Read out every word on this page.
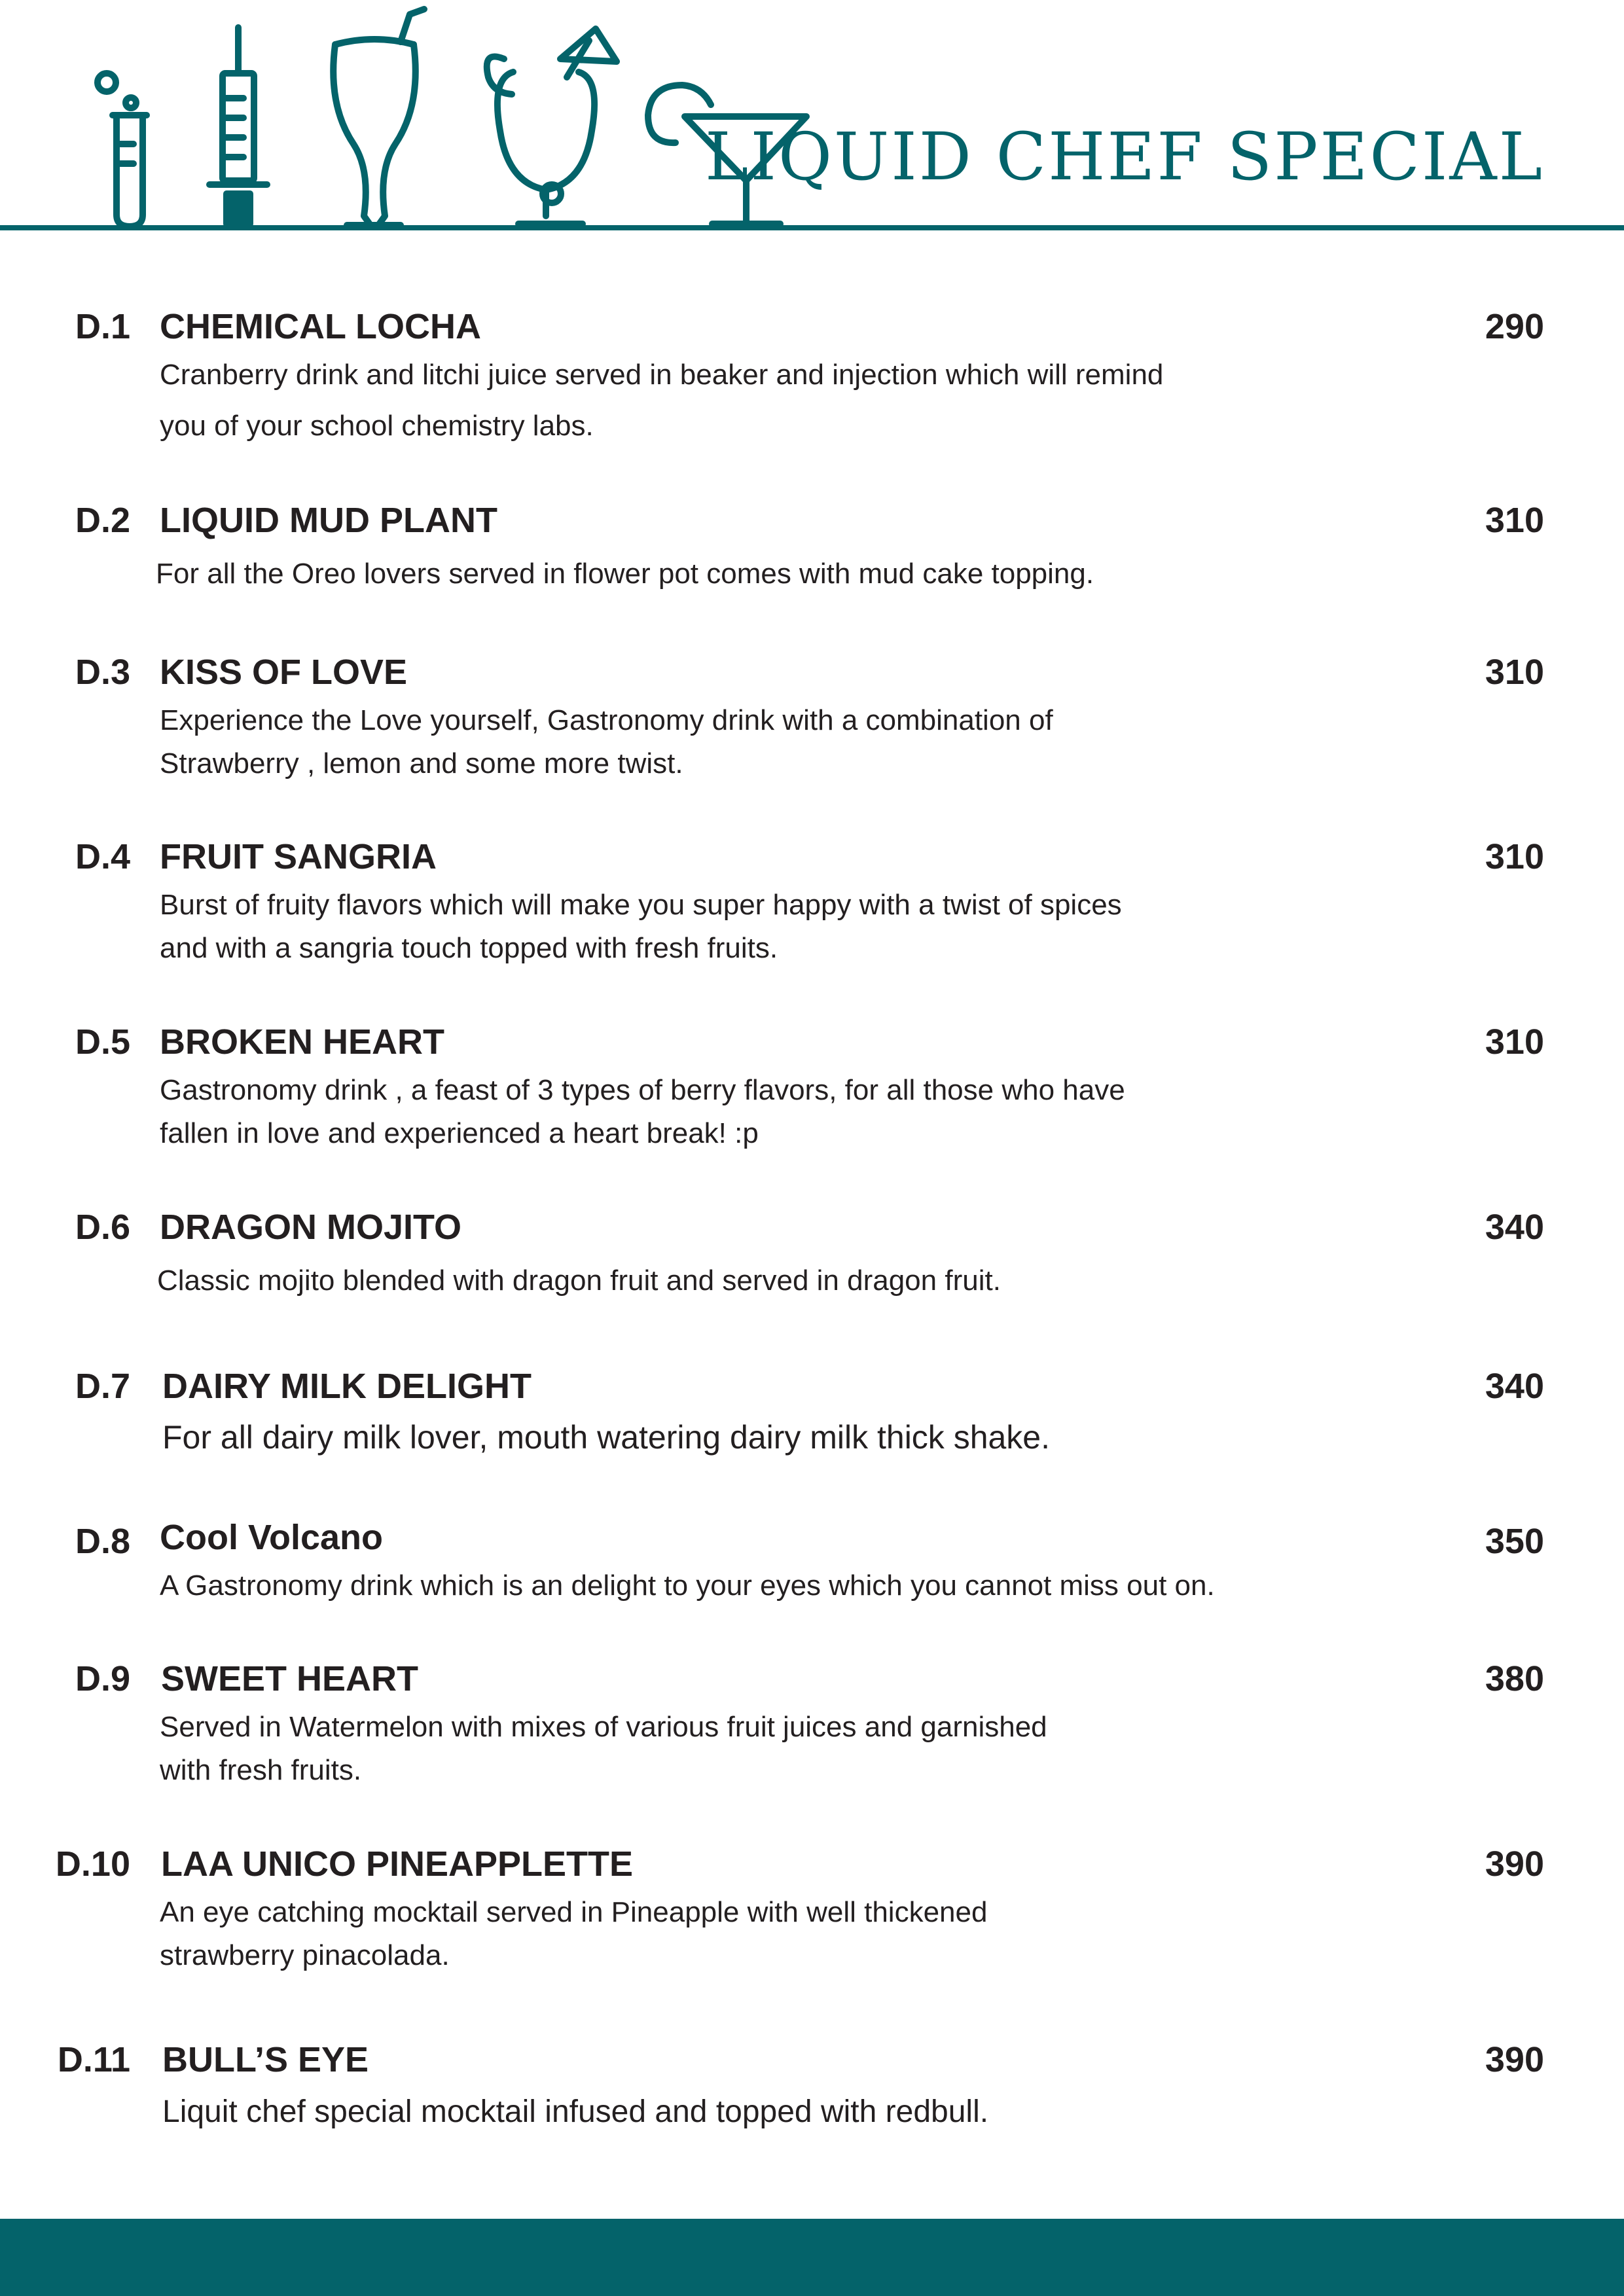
LIQUID CHEF SPECIAL
D.1 CHEMICAL LOCHA	290
Cranberry drink and litchi juice served in beaker and injection which will remind
you of your school chemistry labs.
D.2 LIQUID MUD PLANT	310
For all the Oreo lovers served in flower pot comes with mud cake topping.
D.3 KISS OF LOVE	310
Experience the Love yourself, Gastronomy drink with a combination of
Strawberry , lemon and some more twist.
D.4 FRUIT SANGRIA	310
Burst of fruity flavors which will make you super happy with a twist of spices
and with a sangria touch topped with fresh fruits.
D.5 BROKEN HEART	310
Gastronomy drink , a feast of 3 types of berry flavors, for all those who have
fallen in love and experienced a heart break! :p
D.6 DRAGON MOJITO	340
Classic mojito blended with dragon fruit and served in dragon fruit.
D.7 DAIRY MILK DELIGHT	340
For all dairy milk lover, mouth watering dairy milk thick shake.
D.8 Cool Volcano	350
A Gastronomy drink which is an delight to your eyes which you cannot miss out on.
D.9 SWEET HEART	380
Served in Watermelon with mixes of various fruit juices and garnished
with fresh fruits.
D.10 LAA UNICO PINEAPPLETTE	390
An eye catching mocktail served in Pineapple with well thickened
strawberry pinacolada.
D.11 BULL’S EYE	390
Liquit chef special mocktail infused and topped with redbull.
